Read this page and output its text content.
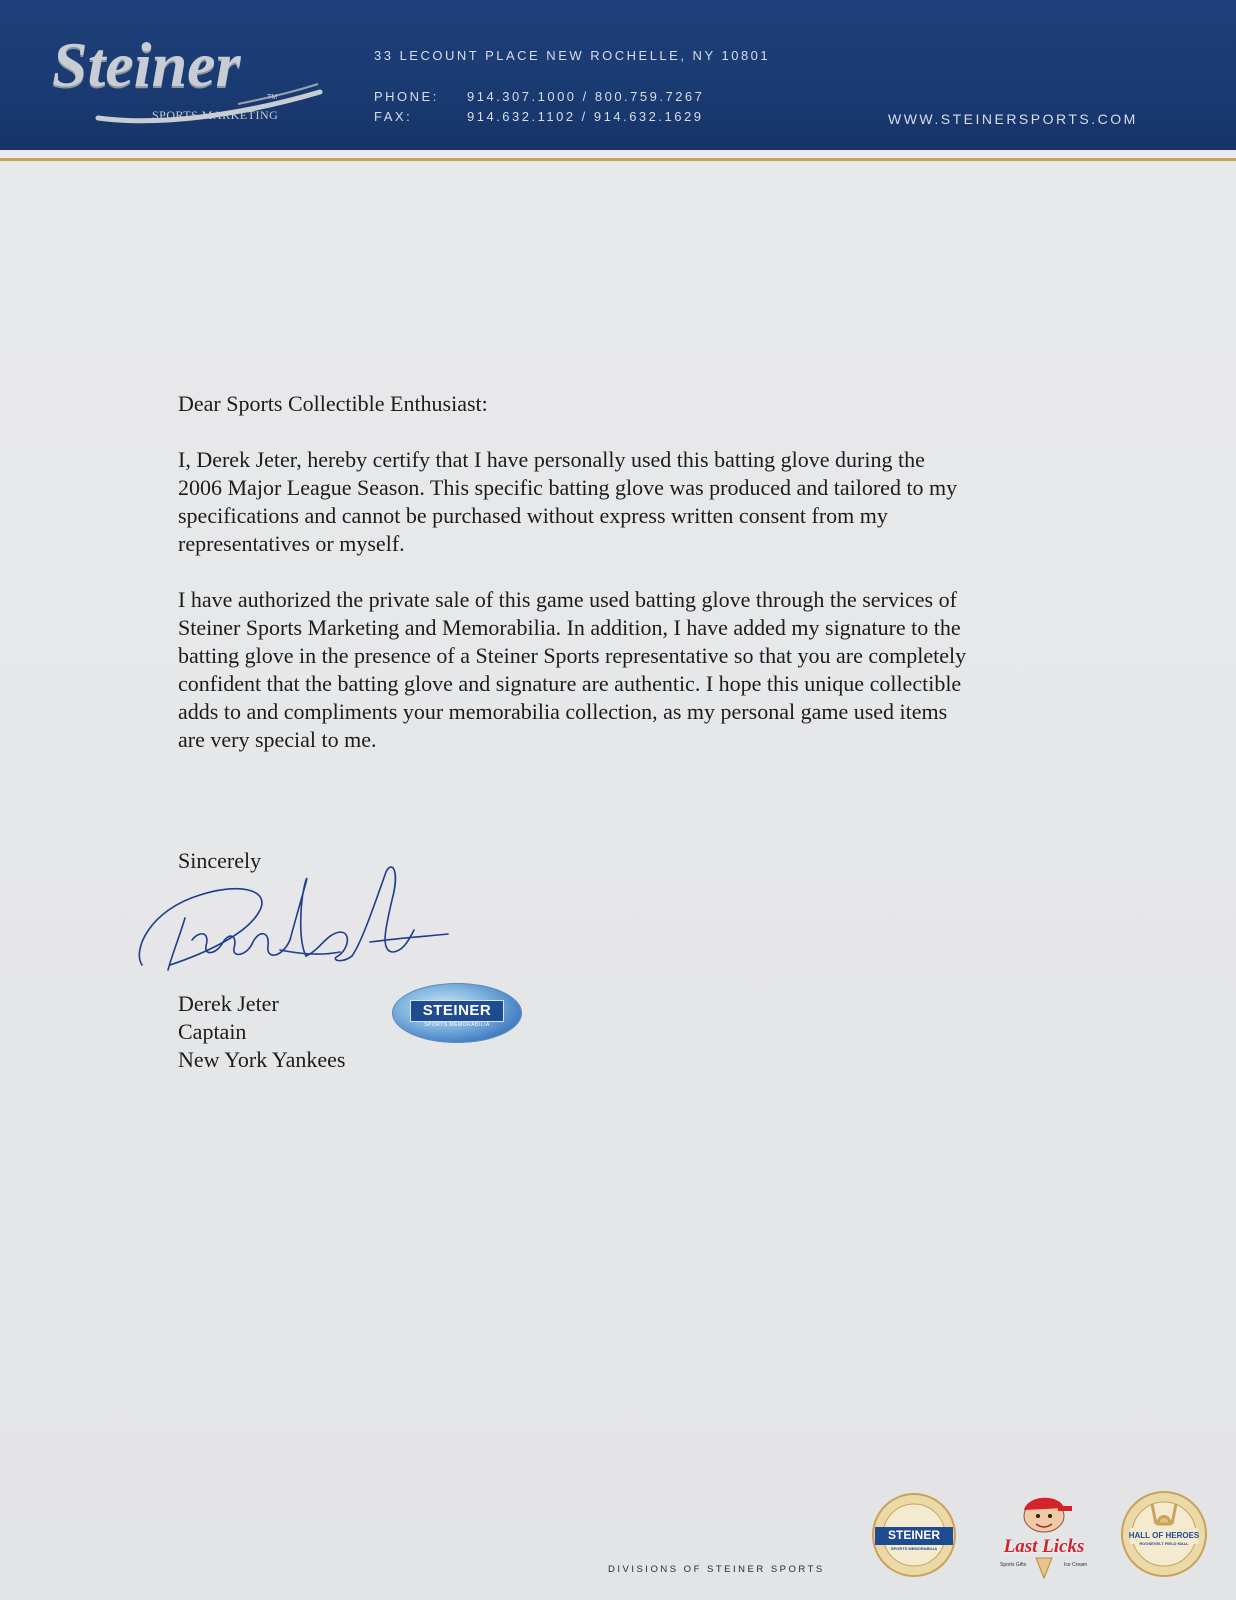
Steiner	TM
SPORTS MARKETING
33 LECOUNT PLACE NEW ROCHELLE, NY 10801
PHONE: 914.307.1000 / 800.759.7267
FAX:	914.632.1102 / 914.632.1629	WWW.STEINERSPORTS.COM

Dear Sports Collectible Enthusiast:

I, Derek Jeter, hereby certify that I have personally used this batting glove during the

2006 Major League Season. This specific batting glove was produced and tailored to my

specifications and cannot be purchased without express written consent from my

representatives or myself.

I have authorized the private sale of this game used batting glove through the services of

Steiner Sports Marketing and Memorabilia. In addition, I have added my signature to the

batting glove in the presence of a Steiner Sports representative so that you are completely

confident that the batting glove and signature are authentic. I hope this unique collectible

adds to and compliments your memorabilia collection, as my personal game used items

are very special to me.

Sincerely
Derek Jeter
Captain
New York Yankees
STEINER
SPORTS MEMORABILIA
DIVISIONS OF STEINER SPORTS
STEINER
SPORTS MEMORABILIA	Last Licks
Sports Gifts	Ice Cream
HALL OF HEROES
ROOSEVELT FIELD MALL
